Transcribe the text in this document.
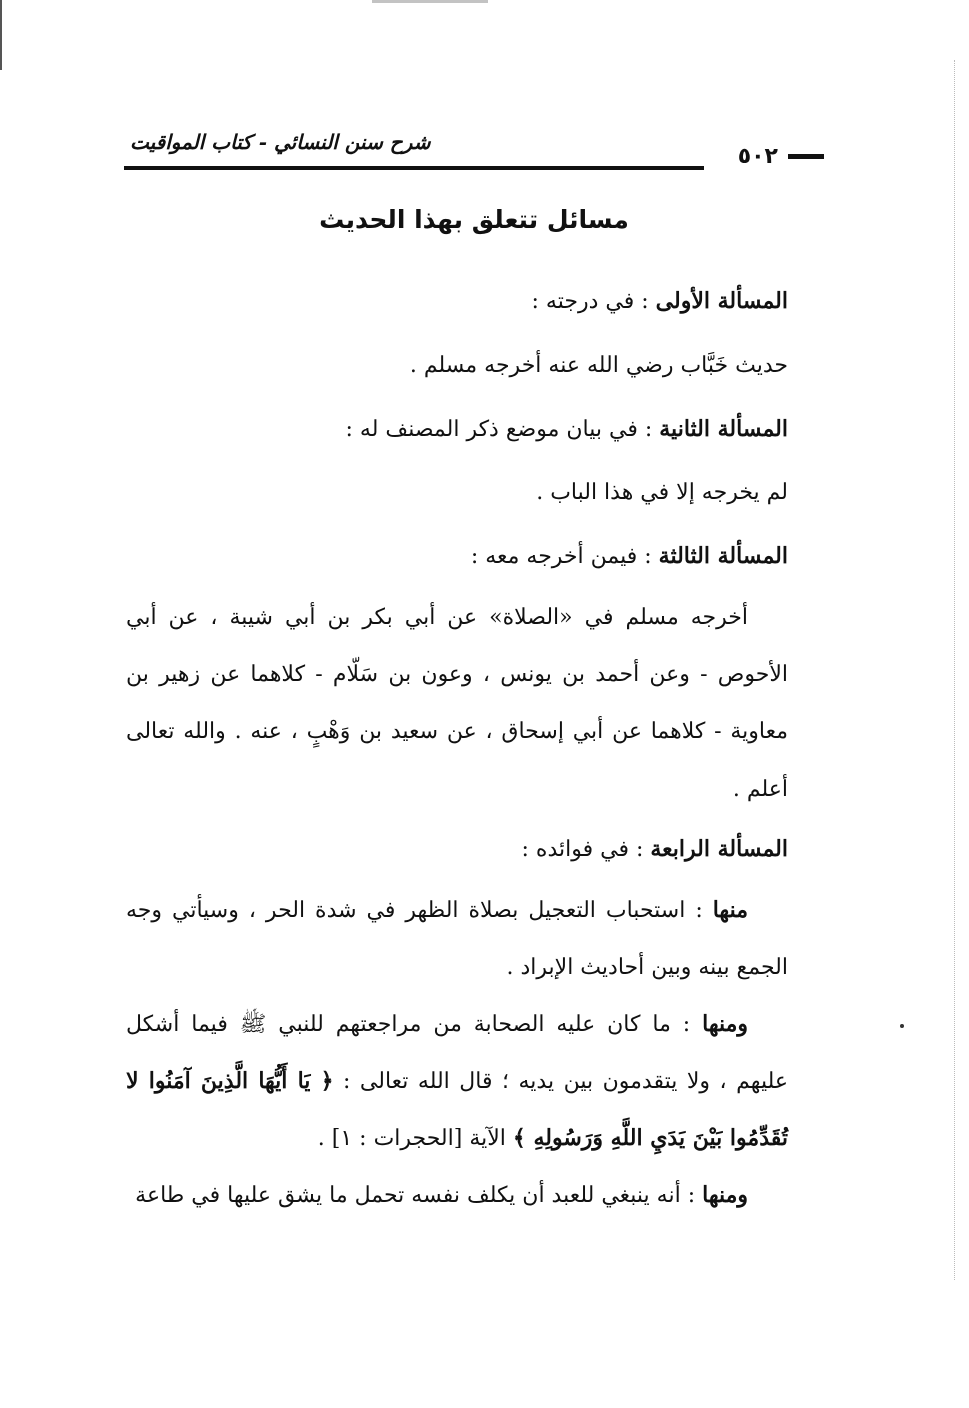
٥٠٢
شرح سنن النسائي - كتاب المواقيت
مسائل تتعلق بهذا الحديث
المسألة الأولى : في درجته :
حديث خَبَّاب رضي الله عنه أخرجه مسلم .
المسألة الثانية : في بيان موضع ذكر المصنف له :
لم يخرجه إلا في هذا الباب .
المسألة الثالثة : فيمن أخرجه معه :

أخرجه مسلم في «الصلاة» عن أبي بكر بن أبي شيبة ، عن أبي الأحوص - وعن أحمد بن يونس ، وعون بن سَلّام - كلاهما عن زهير بن معاوية - كلاهما عن أبي إسحاق ، عن سعيد بن وَهْبٍ ، عنه . والله تعالى أعلم .

المسألة الرابعة : في فوائده :

منها : استحباب التعجيل بصلاة الظهر في شدة الحر ، وسيأتي وجه الجمع بينه وبين أحاديث الإبراد .

ومنها : ما كان عليه الصحابة من مراجعتهم للنبي ﷺ فيما أشكل عليهم ، ولا يتقدمون بين يديه ؛ قال الله تعالى : ﴿ يَا أَيُّهَا الَّذِينَ آمَنُوا لا تُقَدِّمُوا بَيْنَ يَدَيِ اللَّهِ وَرَسُولِهِ ﴾ الآية [الحجرات : ١] .

ومنها : أنه ينبغي للعبد أن يكلف نفسه تحمل ما يشق عليها في طاعة
